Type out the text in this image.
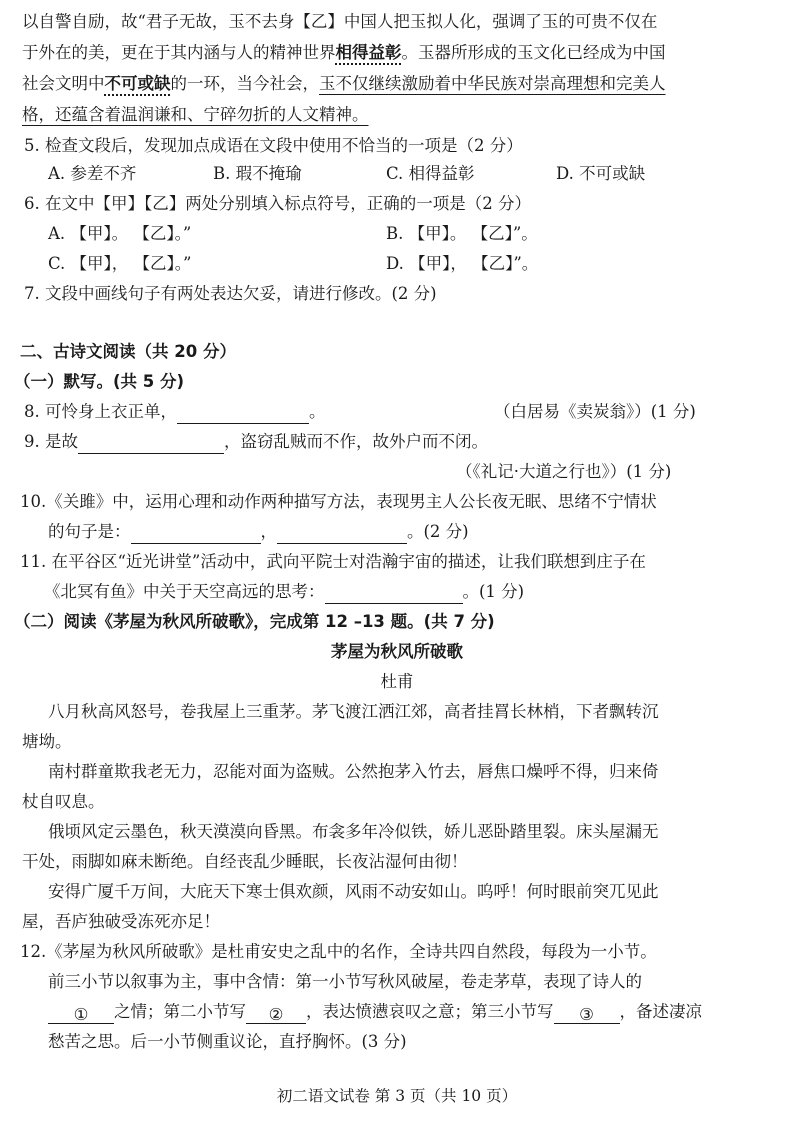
以自警自励，故“君子无故，玉不去身【乙】中国人把玉拟人化，强调了玉的可贵不仅在
于外在的美，更在于其内涵与人的精神世界相得益彰。玉器所形成的玉文化已经成为中国
社会文明中不可或缺的一环，当今社会，玉不仅继续激励着中华民族对崇高理想和完美人
格，还蕴含着温润谦和、宁碎勿折的人文精神。
5. 检查文段后，发现加点成语在文段中使用不恰当的一项是（2 分）
A. 参差不齐	B. 瑕不掩瑜	C. 相得益彰	D. 不可或缺
6. 在文中【甲】【乙】两处分别填入标点符号，正确的一项是（2 分）
A. 【甲】。 【乙】。”	B. 【甲】。 【乙】”。
C. 【甲】， 【乙】。”	D. 【甲】， 【乙】”。
7. 文段中画线句子有两处表达欠妥，请进行修改。(2 分)
二、古诗文阅读（共 20 分）
（一）默写。(共 5 分)
8. 可怜身上衣正单，	。	（白居易《卖炭翁》）(1 分)
9. 是故	，盗窃乱贼而不作，故外户而不闭。
（《礼记·大道之行也》）(1 分)
10.《关雎》中，运用心理和动作两种描写方法，表现男主人公长夜无眠、思绪不宁情状
的句子是：	，	。(2 分)
11. 在平谷区“近光讲堂”活动中，武向平院士对浩瀚宇宙的描述，让我们联想到庄子在
《北冥有鱼》中关于天空高远的思考：	。(1 分)
（二）阅读《茅屋为秋风所破歌》，完成第 12 –13 题。(共 7 分)
茅屋为秋风所破歌
杜甫
八月秋高风怒号，卷我屋上三重茅。茅飞渡江洒江郊，高者挂罥长林梢，下者飘转沉
塘坳。
南村群童欺我老无力，忍能对面为盗贼。公然抱茅入竹去，唇焦口燥呼不得，归来倚
杖自叹息。
俄顷风定云墨色，秋天漠漠向昏黑。布衾多年冷似铁，娇儿恶卧踏里裂。床头屋漏无
干处，雨脚如麻未断绝。自经丧乱少睡眠，长夜沾湿何由彻！
安得广厦千万间，大庇天下寒士俱欢颜，风雨不动安如山。呜呼！何时眼前突兀见此
屋，吾庐独破受冻死亦足！
12.《茅屋为秋风所破歌》是杜甫安史之乱中的名作，全诗共四自然段，每段为一小节。
前三小节以叙事为主，事中含情：第一小节写秋风破屋，卷走茅草，表现了诗人的
① 之情；第二小节写 ② ，表达愤懑哀叹之意；第三小节写 ③ ，备述凄凉
愁苦之思。后一小节侧重议论，直抒胸怀。(3 分)
初二语文试卷 第 3 页（共 10 页）
